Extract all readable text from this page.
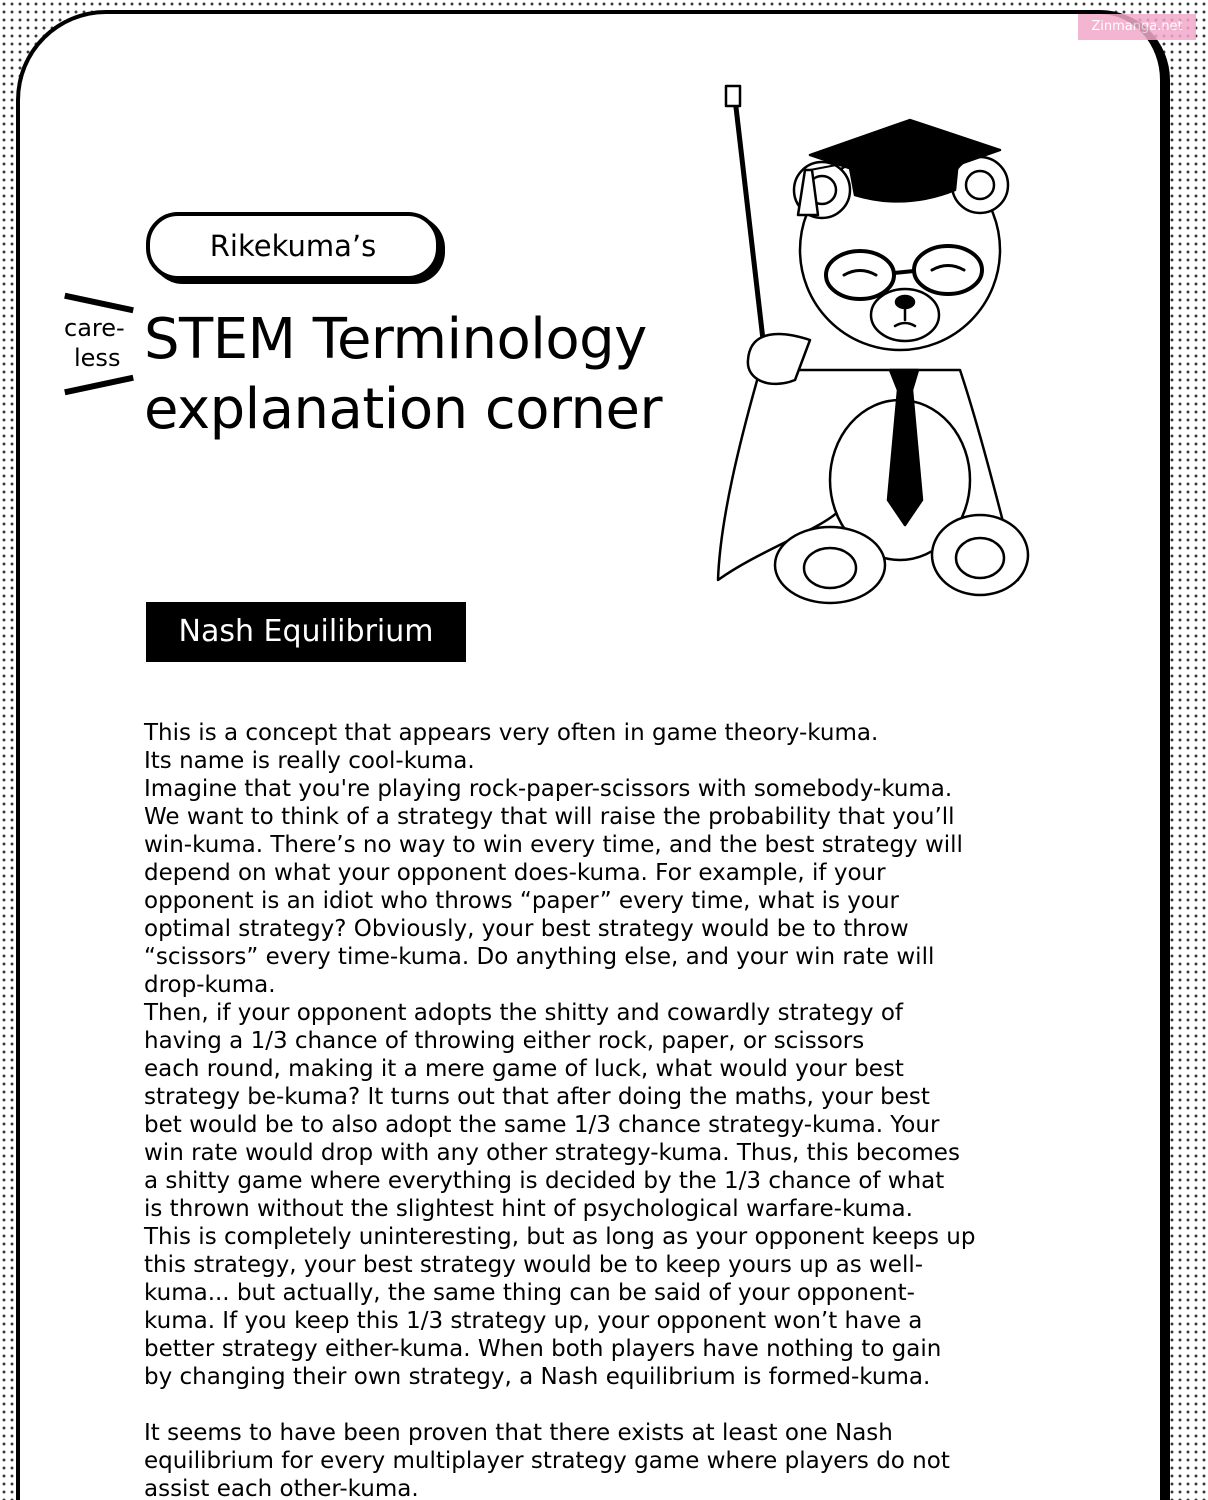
Zinmanga.net
Rikekuma’s
care-
less STEM Terminology
explanation corner
Nash Equilibrium
This is a concept that appears very often in game theory-kuma.
Its name is really cool-kuma.
Imagine that you're playing rock-paper-scissors with somebody-kuma.
We want to think of a strategy that will raise the probability that you’ll
win-kuma. There’s no way to win every time, and the best strategy will
depend on what your opponent does-kuma. For example, if your
opponent is an idiot who throws “paper” every time, what is your
optimal strategy? Obviously, your best strategy would be to throw
“scissors” every time-kuma. Do anything else, and your win rate will
drop-kuma.
Then, if your opponent adopts the shitty and cowardly strategy of
having a 1/3 chance of throwing either rock, paper, or scissors
each round, making it a mere game of luck, what would your best
strategy be-kuma? It turns out that after doing the maths, your best
bet would be to also adopt the same 1/3 chance strategy-kuma. Your
win rate would drop with any other strategy-kuma. Thus, this becomes
a shitty game where everything is decided by the 1/3 chance of what
is thrown without the slightest hint of psychological warfare-kuma.
This is completely uninteresting, but as long as your opponent keeps up
this strategy, your best strategy would be to keep yours up as well-
kuma... but actually, the same thing can be said of your opponent-
kuma. If you keep this 1/3 strategy up, your opponent won’t have a
better strategy either-kuma. When both players have nothing to gain
by changing their own strategy, a Nash equilibrium is formed-kuma.
It seems to have been proven that there exists at least one Nash
equilibrium for every multiplayer strategy game where players do not
assist each other-kuma.
